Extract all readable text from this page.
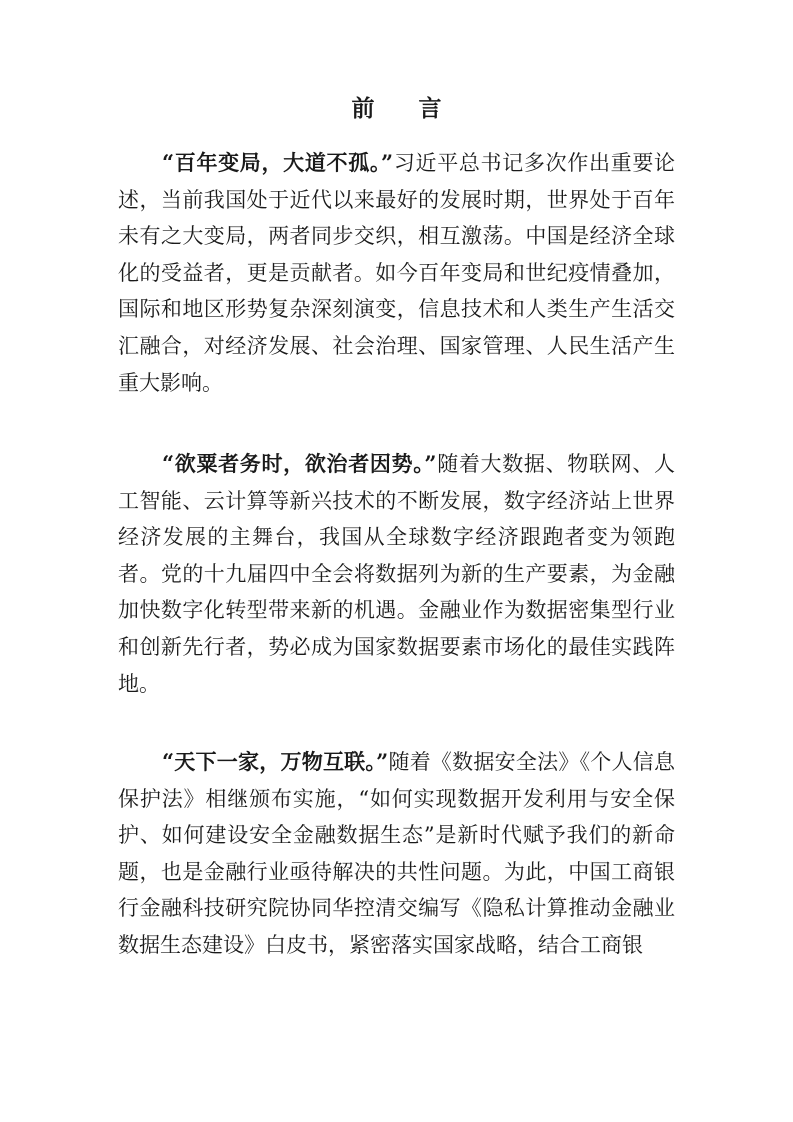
前 言

“百年变局，大道不孤。”习近平总书记多次作出重要论述，当前我国处于近代以来最好的发展时期，世界处于百年未有之大变局，两者同步交织，相互激荡。中国是经济全球化的受益者，更是贡献者。如今百年变局和世纪疫情叠加，国际和地区形势复杂深刻演变，信息技术和人类生产生活交汇融合，对经济发展、社会治理、国家管理、人民生活产生重大影响。

“欲粟者务时，欲治者因势。”随着大数据、物联网、人工智能、云计算等新兴技术的不断发展，数字经济站上世界经济发展的主舞台，我国从全球数字经济跟跑者变为领跑者。党的十九届四中全会将数据列为新的生产要素，为金融加快数字化转型带来新的机遇。金融业作为数据密集型行业和创新先行者，势必成为国家数据要素市场化的最佳实践阵地。

“天下一家，万物互联。”随着《数据安全法》《个人信息保护法》相继颁布实施，“如何实现数据开发利用与安全保护、如何建设安全金融数据生态”是新时代赋予我们的新命题，也是金融行业亟待解决的共性问题。为此，中国工商银行金融科技研究院协同华控清交编写《隐私计算推动金融业数据生态建设》白皮书，紧密落实国家战略，结合工商银
